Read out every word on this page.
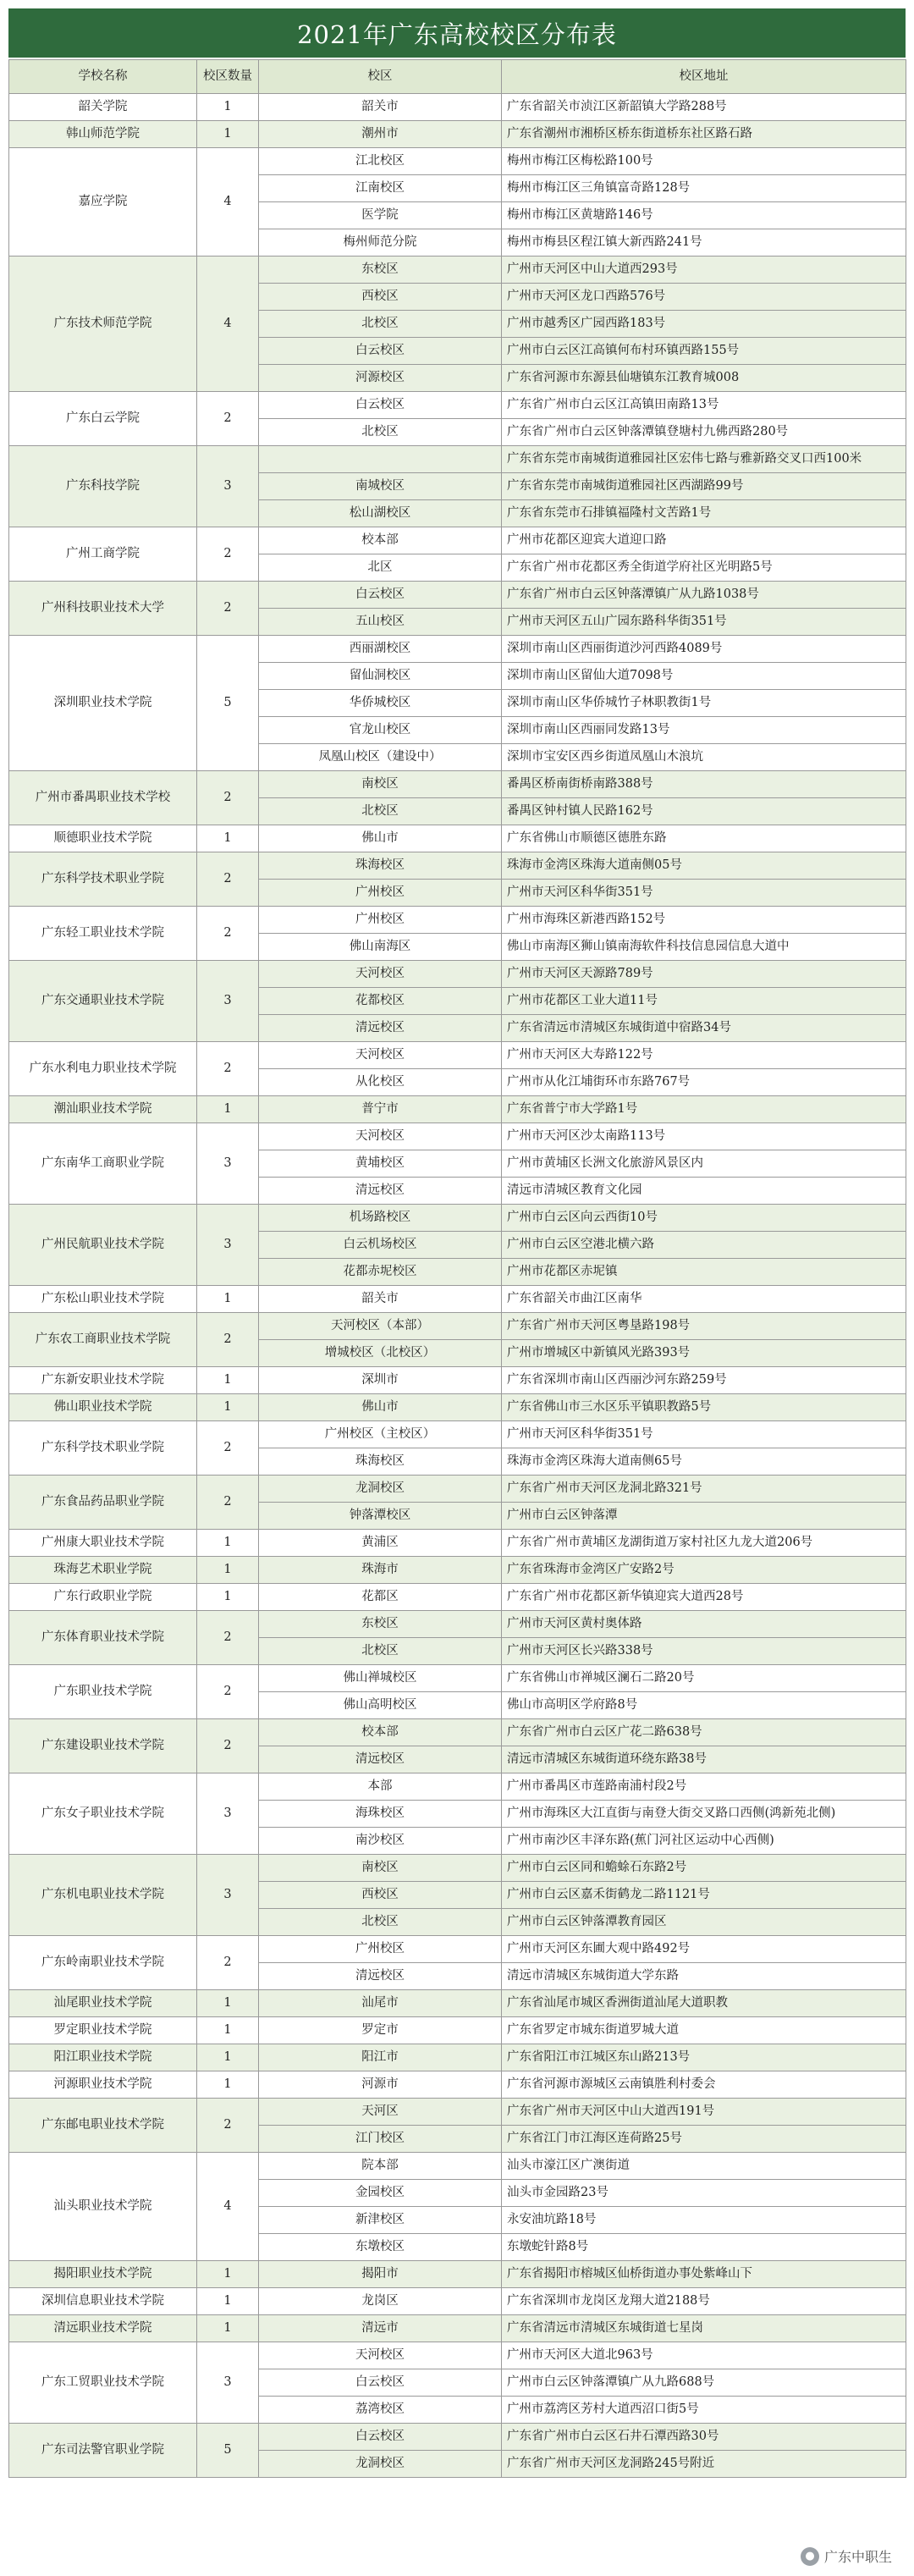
2021年广东高校校区分布表
学校名称	校区数量	校区	校区地址
韶关学院	1	韶关市	广东省韶关市浈江区新韶镇大学路288号
韩山师范学院	1	潮州市	广东省潮州市湘桥区桥东街道桥东社区路石路
嘉应学院	4	江北校区	梅州市梅江区梅松路100号
		江南校区	梅州市梅江区三角镇富奇路128号
		医学院	梅州市梅江区黄塘路146号
		梅州师范分院	梅州市梅县区程江镇大新西路241号
广东技术师范学院	4	东校区	广州市天河区中山大道西293号
		西校区	广州市天河区龙口西路576号
		北校区	广州市越秀区广园西路183号
		白云校区	广州市白云区江高镇何布村环镇西路155号
		河源校区	广东省河源市东源县仙塘镇东江教育城008
广东白云学院	2	白云校区	广东省广州市白云区江高镇田南路13号
		北校区	广东省广州市白云区钟落潭镇登塘村九佛西路280号
广东科技学院	3		广东省东莞市南城街道雅园社区宏伟七路与雅新路交叉口西100米
		南城校区	广东省东莞市南城街道雅园社区西湖路99号
		松山湖校区	广东省东莞市石排镇福隆村文苦路1号
广州工商学院	2	校本部	广州市花都区迎宾大道迎口路
		北区	广东省广州市花都区秀全街道学府社区光明路5号
广州科技职业技术大学	2	白云校区	广东省广州市白云区钟落潭镇广从九路1038号
		五山校区	广州市天河区五山广园东路科华街351号
深圳职业技术学院	5	西丽湖校区	深圳市南山区西丽街道沙河西路4089号
		留仙洞校区	深圳市南山区留仙大道7098号
		华侨城校区	深圳市南山区华侨城竹子林职教街1号
		官龙山校区	深圳市南山区西丽同发路13号
		凤凰山校区（建设中）	深圳市宝安区西乡街道凤凰山木浪坑
广州市番禺职业技术学校	2	南校区	番禺区桥南街桥南路388号
		北校区	番禺区钟村镇人民路162号
顺德职业技术学院	1	佛山市	广东省佛山市顺德区德胜东路
广东科学技术职业学院	2	珠海校区	珠海市金湾区珠海大道南侧05号
		广州校区	广州市天河区科华街351号
广东轻工职业技术学院	2	广州校区	广州市海珠区新港西路152号
		佛山南海区	佛山市南海区狮山镇南海软件科技信息园信息大道中
广东交通职业技术学院	3	天河校区	广州市天河区天源路789号
		花都校区	广州市花都区工业大道11号
		清远校区	广东省清远市清城区东城街道中宿路34号
广东水利电力职业技术学院	2	天河校区	广州市天河区大寿路122号
		从化校区	广州市从化江埔街环市东路767号
潮汕职业技术学院	1	普宁市	广东省普宁市大学路1号
广东南华工商职业学院	3	天河校区	广州市天河区沙太南路113号
		黄埔校区	广州市黄埔区长洲文化旅游风景区内
		清远校区	清远市清城区教育文化园
广州民航职业技术学院	3	机场路校区	广州市白云区向云西街10号
		白云机场校区	广州市白云区空港北横六路
		花都赤坭校区	广州市花都区赤坭镇
广东松山职业技术学院	1	韶关市	广东省韶关市曲江区南华
广东农工商职业技术学院	2	天河校区（本部）	广东省广州市天河区粤垦路198号
		增城校区（北校区）	广州市增城区中新镇风光路393号
广东新安职业技术学院	1	深圳市	广东省深圳市南山区西丽沙河东路259号
佛山职业技术学院	1	佛山市	广东省佛山市三水区乐平镇职教路5号
广东科学技术职业学院	2	广州校区（主校区）	广州市天河区科华街351号
		珠海校区	珠海市金湾区珠海大道南侧65号
广东食品药品职业学院	2	龙洞校区	广东省广州市天河区龙洞北路321号
		钟落潭校区	广州市白云区钟落潭
广州康大职业技术学院	1	黄浦区	广东省广州市黄埔区龙湖街道万家村社区九龙大道206号
珠海艺术职业学院	1	珠海市	广东省珠海市金湾区广安路2号
广东行政职业学院	1	花都区	广东省广州市花都区新华镇迎宾大道西28号
广东体育职业技术学院	2	东校区	广州市天河区黄村奥体路
		北校区	广州市天河区长兴路338号
广东职业技术学院	2	佛山禅城校区	广东省佛山市禅城区澜石二路20号
		佛山高明校区	佛山市高明区学府路8号
广东建设职业技术学院	2	校本部	广东省广州市白云区广花二路638号
		清远校区	清远市清城区东城街道环绕东路38号
广东女子职业技术学院	3	本部	广州市番禺区市莲路南浦村段2号
		海珠校区	广州市海珠区大江直街与南登大街交叉路口西侧(鸿新苑北侧)
		南沙校区	广州市南沙区丰泽东路(蕉门河社区运动中心西侧)
广东机电职业技术学院	3	南校区	广州市白云区同和蟾蜍石东路2号
		西校区	广州市白云区嘉禾街鹤龙二路1121号
		北校区	广州市白云区钟落潭教育园区
广东岭南职业技术学院	2	广州校区	广州市天河区东圃大观中路492号
		清远校区	清远市清城区东城街道大学东路
汕尾职业技术学院	1	汕尾市	广东省汕尾市城区香洲街道汕尾大道职教
罗定职业技术学院	1	罗定市	广东省罗定市城东街道罗城大道
阳江职业技术学院	1	阳江市	广东省阳江市江城区东山路213号
河源职业技术学院	1	河源市	广东省河源市源城区云南镇胜利村委会
广东邮电职业技术学院	2	天河区	广东省广州市天河区中山大道西191号
		江门校区	广东省江门市江海区连荷路25号
汕头职业技术学院	4	院本部	汕头市濠江区广澳街道
		金园校区	汕头市金园路23号
		新津校区	永安油坑路18号
		东墩校区	东墩蛇针路8号
揭阳职业技术学院	1	揭阳市	广东省揭阳市榕城区仙桥街道办事处紫峰山下
深圳信息职业技术学院	1	龙岗区	广东省深圳市龙岗区龙翔大道2188号
清远职业技术学院	1	清远市	广东省清远市清城区东城街道七星岗
广东工贸职业技术学院	3	天河校区	广州市天河区大道北963号
		白云校区	广州市白云区钟落潭镇广从九路688号
		荔湾校区	广州市荔湾区芳村大道西沼口街5号
广东司法警官职业学院	5	白云校区	广东省广州市白云区石井石潭西路30号
		龙洞校区	广东省广州市天河区龙洞路245号附近
● 广东中职生
